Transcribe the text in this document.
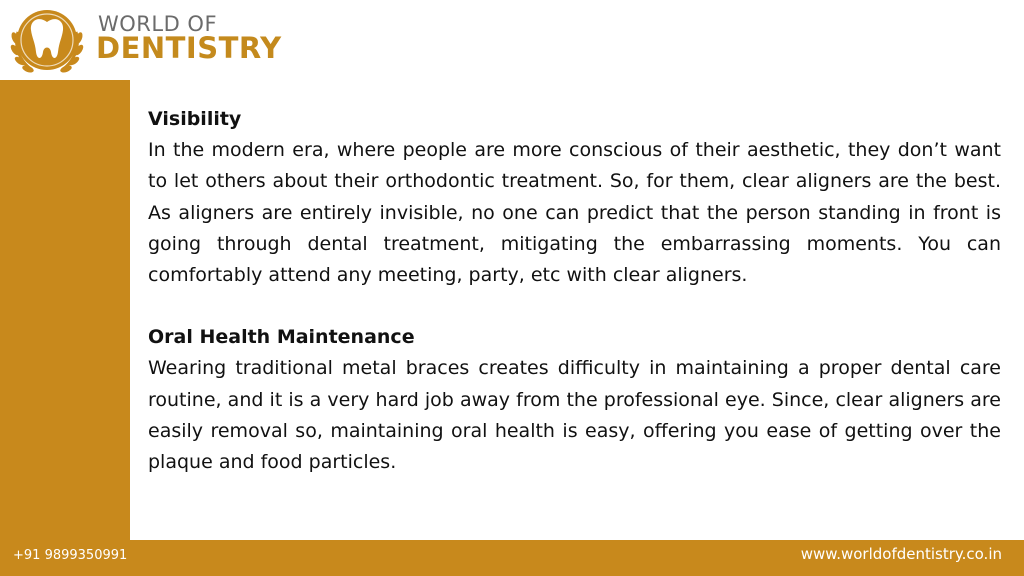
WORLD OF
DENTISTRY
Visibility

In the modern era, where people are more conscious of their aesthetic, they don’t want to let others about their orthodontic treatment. So, for them, clear aligners are the best. As aligners are entirely invisible, no one can predict that the person standing in front is going through dental treatment, mitigating the embarrassing moments. You can comfortably attend any meeting, party, etc with clear aligners.

Oral Health Maintenance

Wearing traditional metal braces creates difficulty in maintaining a proper dental care routine, and it is a very hard job away from the professional eye. Since, clear aligners are easily removal so, maintaining oral health is easy, offering you ease of getting over the plaque and food particles.

+91 9899350991	www.worldofdentistry.co.in
